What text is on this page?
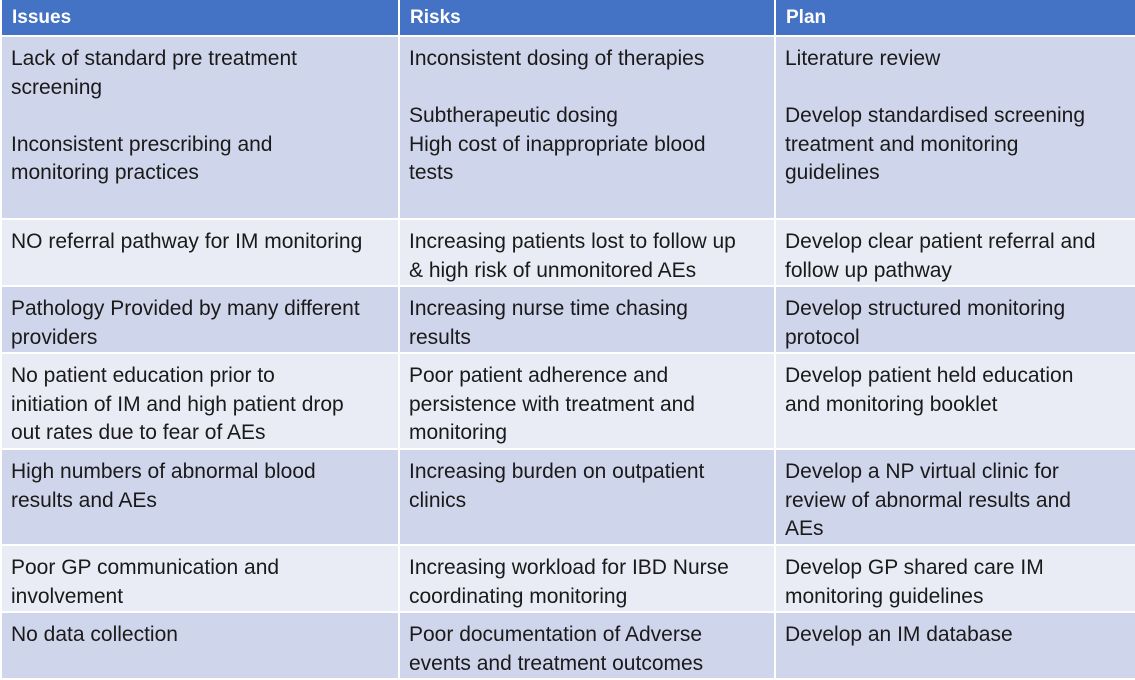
Issues	Risks	Plan

Lack of standard pre treatment
screening
Inconsistent prescribing and
monitoring practices	Inconsistent dosing of therapies
Subtherapeutic dosing
High cost of inappropriate blood
tests	Literature review
Develop standardised screening
treatment and monitoring
guidelines

NO referral pathway for IM monitoring	Increasing patients lost to follow up
& high risk of unmonitored AEs	Develop clear patient referral and
follow up pathway

Pathology Provided by many different
providers	Increasing nurse time chasing
results	Develop structured monitoring
protocol

No patient education prior to
initiation of IM and high patient drop
out rates due to fear of AEs	Poor patient adherence and
persistence with treatment and
monitoring	Develop patient held education
and monitoring booklet

High numbers of abnormal blood
results and AEs	Increasing burden on outpatient
clinics	Develop a NP virtual clinic for
review of abnormal results and
AEs

Poor GP communication and
involvement	Increasing workload for IBD Nurse
coordinating monitoring	Develop GP shared care IM
monitoring guidelines

No data collection	Poor documentation of Adverse
events and treatment outcomes	Develop an IM database
